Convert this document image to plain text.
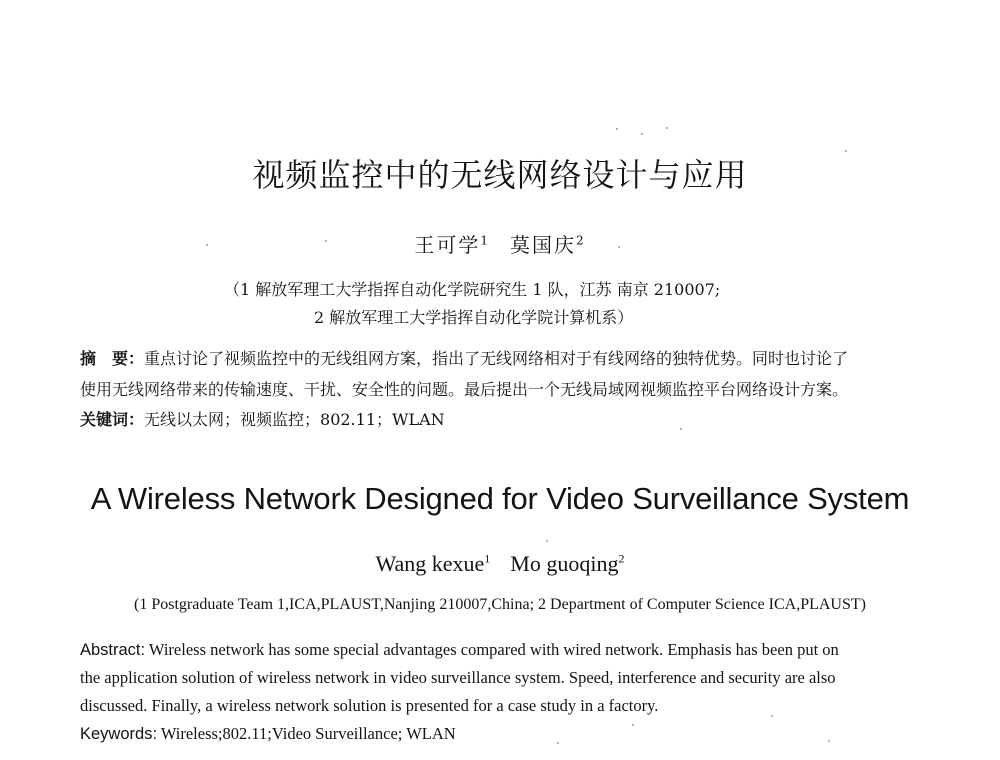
视频监控中的无线网络设计与应用
王可学$^1$ 莫国庆$^2$
（1 解放军理工大学指挥自动化学院研究生 1 队，江苏 南京 210007;
2 解放军理工大学指挥自动化学院计算机系）
摘　要：重点讨论了视频监控中的无线组网方案，指出了无线网络相对于有线网络的独特优势。同时也讨论了
使用无线网络带来的传输速度、干扰、安全性的问题。最后提出一个无线局域网视频监控平台网络设计方案。
关键词：无线以太网；视频监控；802.11；WLAN
A Wireless Network Designed for Video Surveillance System
Wang kexue$^1$ Mo guoqing$^2$
(1 Postgraduate Team 1,ICA,PLAUST,Nanjing 210007,China; 2 Department of Computer Science ICA,PLAUST)
Abstract: Wireless network has some special advantages compared with wired network. Emphasis has been put on
the application solution of wireless network in video surveillance system. Speed, interference and security are also
discussed. Finally, a wireless network solution is presented for a case study in a factory.
Keywords: Wireless;802.11;Video Surveillance; WLAN
